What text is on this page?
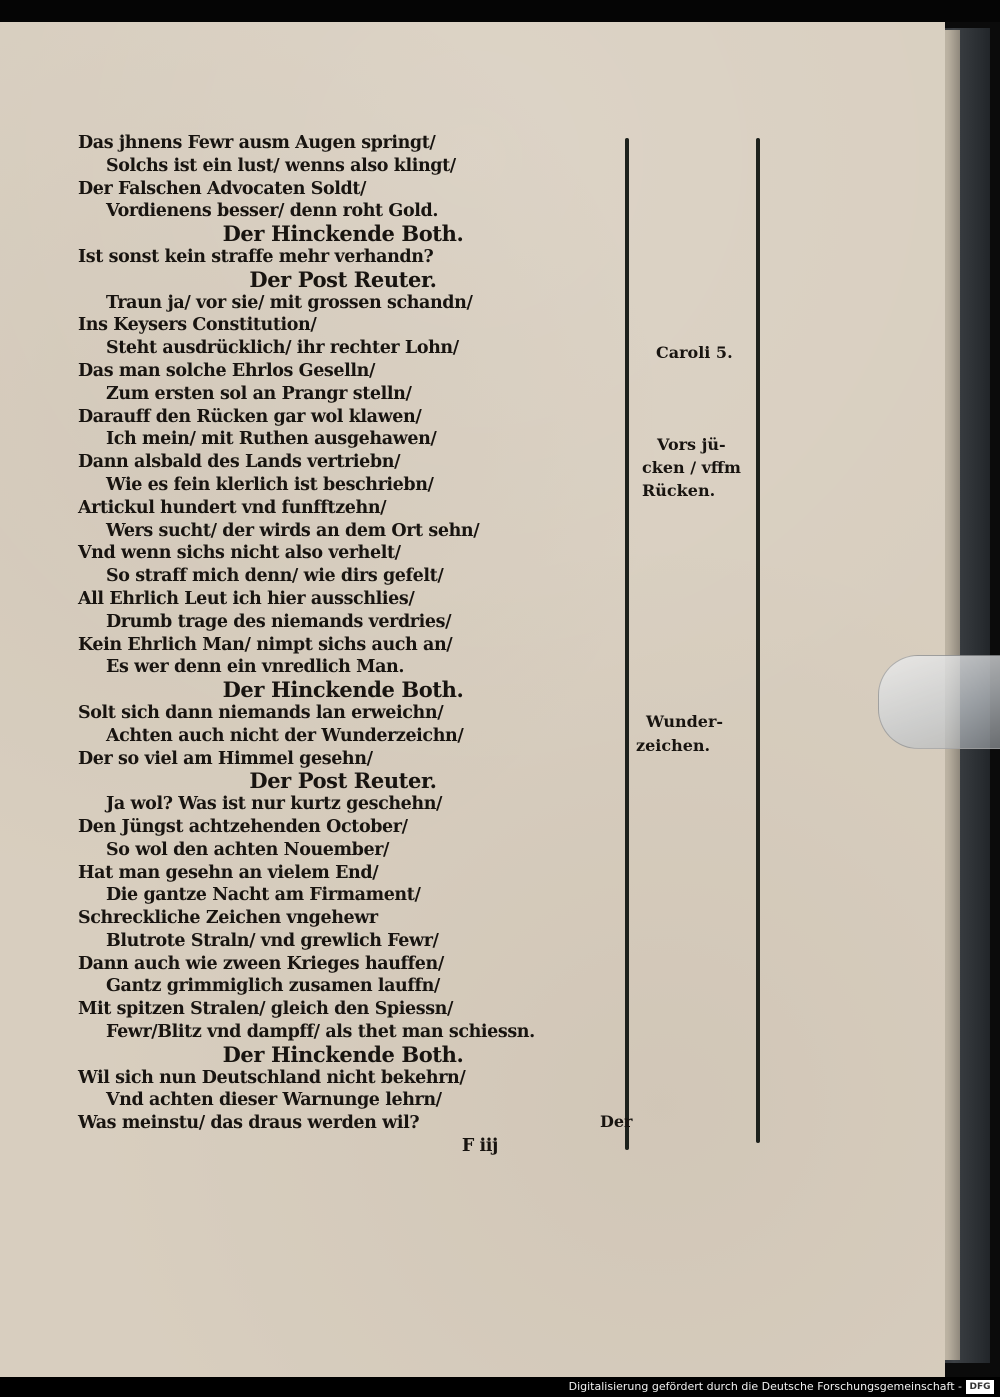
Das jhnens Fewr ausm Augen springt/
Solchs ist ein lust/ wenns also klingt/
Der Falschen Advocaten Soldt/
Vordienens besser/ denn roht Gold.
Der Hinckende Both.
Ist sonst kein straffe mehr verhandn?
Der Post Reuter.
Traun ja/ vor sie/ mit grossen schandn/
Ins Keysers Constitution/
Steht ausdrücklich/ ihr rechter Lohn/
Das man solche Ehrlos Geselln/
Zum ersten sol an Prangr stelln/
Darauff den Rücken gar wol klawen/
Ich mein/ mit Ruthen ausgehawen/
Dann alsbald des Lands vertriebn/
Wie es fein klerlich ist beschriebn/
Artickul hundert vnd funfftzehn/
Wers sucht/ der wirds an dem Ort sehn/
Vnd wenn sichs nicht also verhelt/
So straff mich denn/ wie dirs gefelt/
All Ehrlich Leut ich hier ausschlies/
Drumb trage des niemands verdries/
Kein Ehrlich Man/ nimpt sichs auch an/
Es wer denn ein vnredlich Man.
Der Hinckende Both.
Solt sich dann niemands lan erweichn/
Achten auch nicht der Wunderzeichn/
Der so viel am Himmel gesehn/
Der Post Reuter.
Ja wol? Was ist nur kurtz geschehn/
Den Jüngst achtzehenden October/
So wol den achten Nouember/
Hat man gesehn an vielem End/
Die gantze Nacht am Firmament/
Schreckliche Zeichen vngehewr
Blutrote Straln/ vnd grewlich Fewr/
Dann auch wie zween Krieges hauffen/
Gantz grimmiglich zusamen lauffn/
Mit spitzen Stralen/ gleich den Spiessn/
Fewr/Blitz vnd dampff/ als thet man schiessn.
Der Hinckende Both.
Wil sich nun Deutschland nicht bekehrn/
Vnd achten dieser Warnunge lehrn/
Was meinstu/ das draus werden wil?
F iij
Caroli 5.
Vors jü-
cken / vffm
Rücken.
Wunder-
zeichen.
Der
Digitalisierung gefördert durch die Deutsche Forschungsgemeinschaft - DFG
